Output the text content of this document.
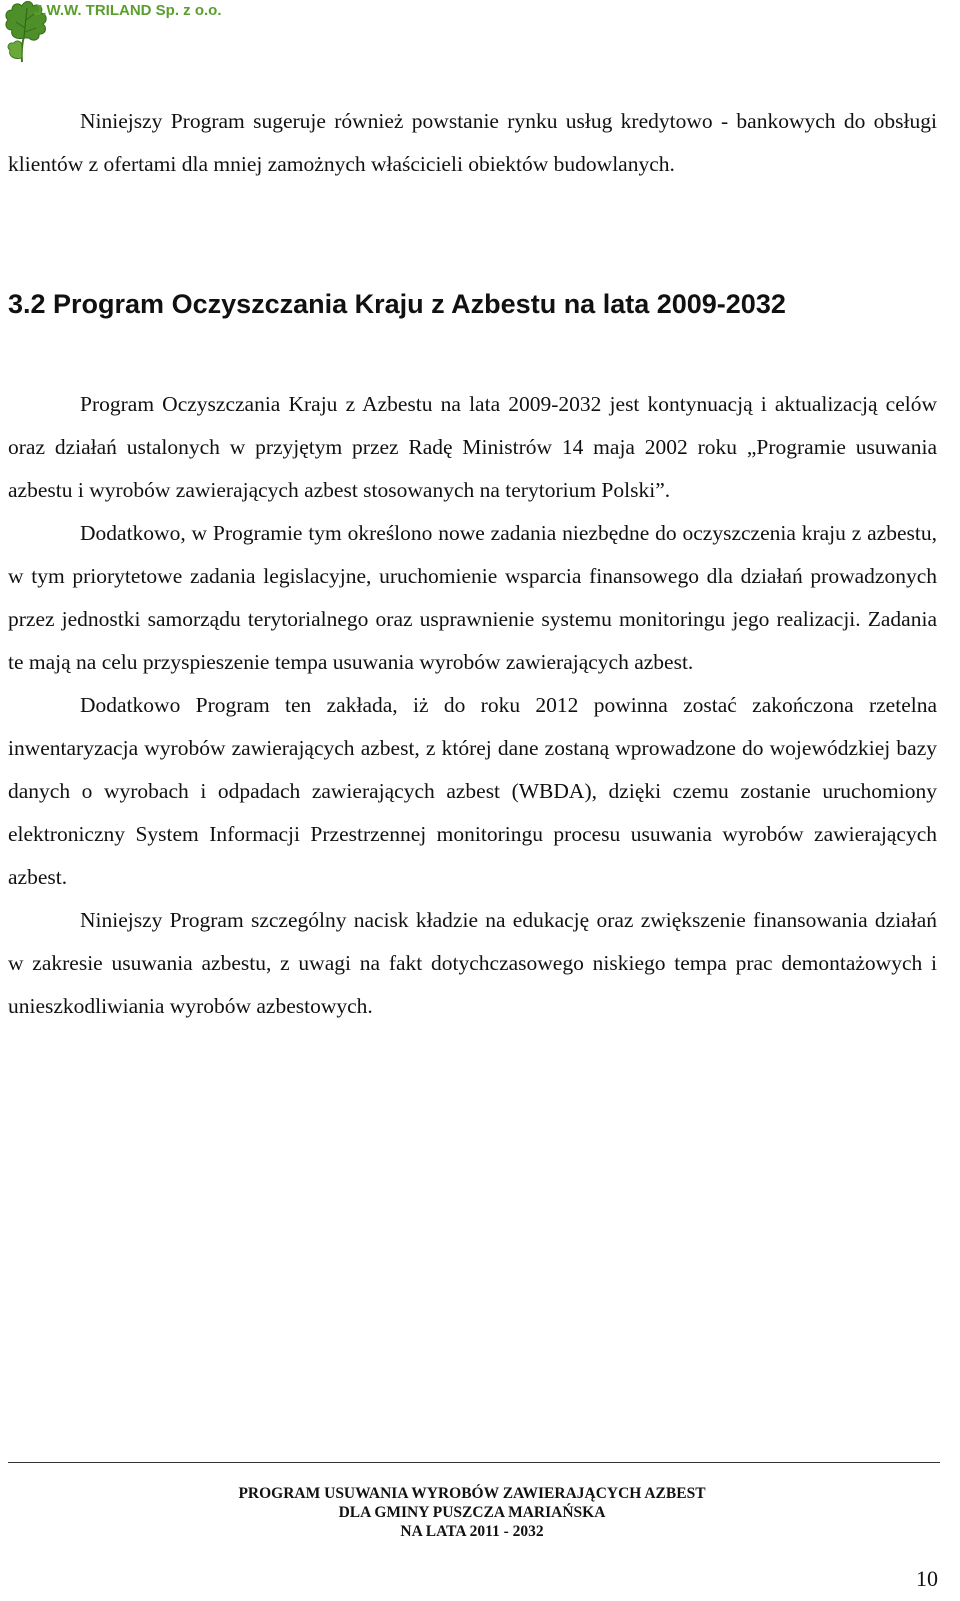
J.W.W. TRILAND Sp. z o.o.

Niniejszy Program sugeruje również powstanie rynku usług kredytowo - bankowych do obsługi klientów z ofertami dla mniej zamożnych właścicieli obiektów budowlanych.

3.2 Program Oczyszczania Kraju z Azbestu na lata 2009-2032

Program Oczyszczania Kraju z Azbestu na lata 2009-2032 jest kontynuacją i aktualizacją celów oraz działań ustalonych w przyjętym przez Radę Ministrów 14 maja 2002 roku „Programie usuwania azbestu i wyrobów zawierających azbest stosowanych na terytorium Polski”.

Dodatkowo, w Programie tym określono nowe zadania niezbędne do oczyszczenia kraju z azbestu, w tym priorytetowe zadania legislacyjne, uruchomienie wsparcia finansowego dla działań prowadzonych przez jednostki samorządu terytorialnego oraz usprawnienie systemu monitoringu jego realizacji. Zadania te mają na celu przyspieszenie tempa usuwania wyrobów zawierających azbest.

Dodatkowo Program ten zakłada, iż do roku 2012 powinna zostać zakończona rzetelna inwentaryzacja wyrobów zawierających azbest, z której dane zostaną wprowadzone do wojewódzkiej bazy danych o wyrobach i odpadach zawierających azbest (WBDA), dzięki czemu zostanie uruchomiony elektroniczny System Informacji Przestrzennej monitoringu procesu usuwania wyrobów zawierających azbest.

Niniejszy Program szczególny nacisk kładzie na edukację oraz zwiększenie finansowania działań w zakresie usuwania azbestu, z uwagi na fakt dotychczasowego niskiego tempa prac demontażowych i unieszkodliwiania wyrobów azbestowych.

PROGRAM USUWANIA WYROBÓW ZAWIERAJĄCYCH AZBEST
DLA GMINY PUSZCZA MARIAŃSKA
NA LATA 2011 - 2032
10
